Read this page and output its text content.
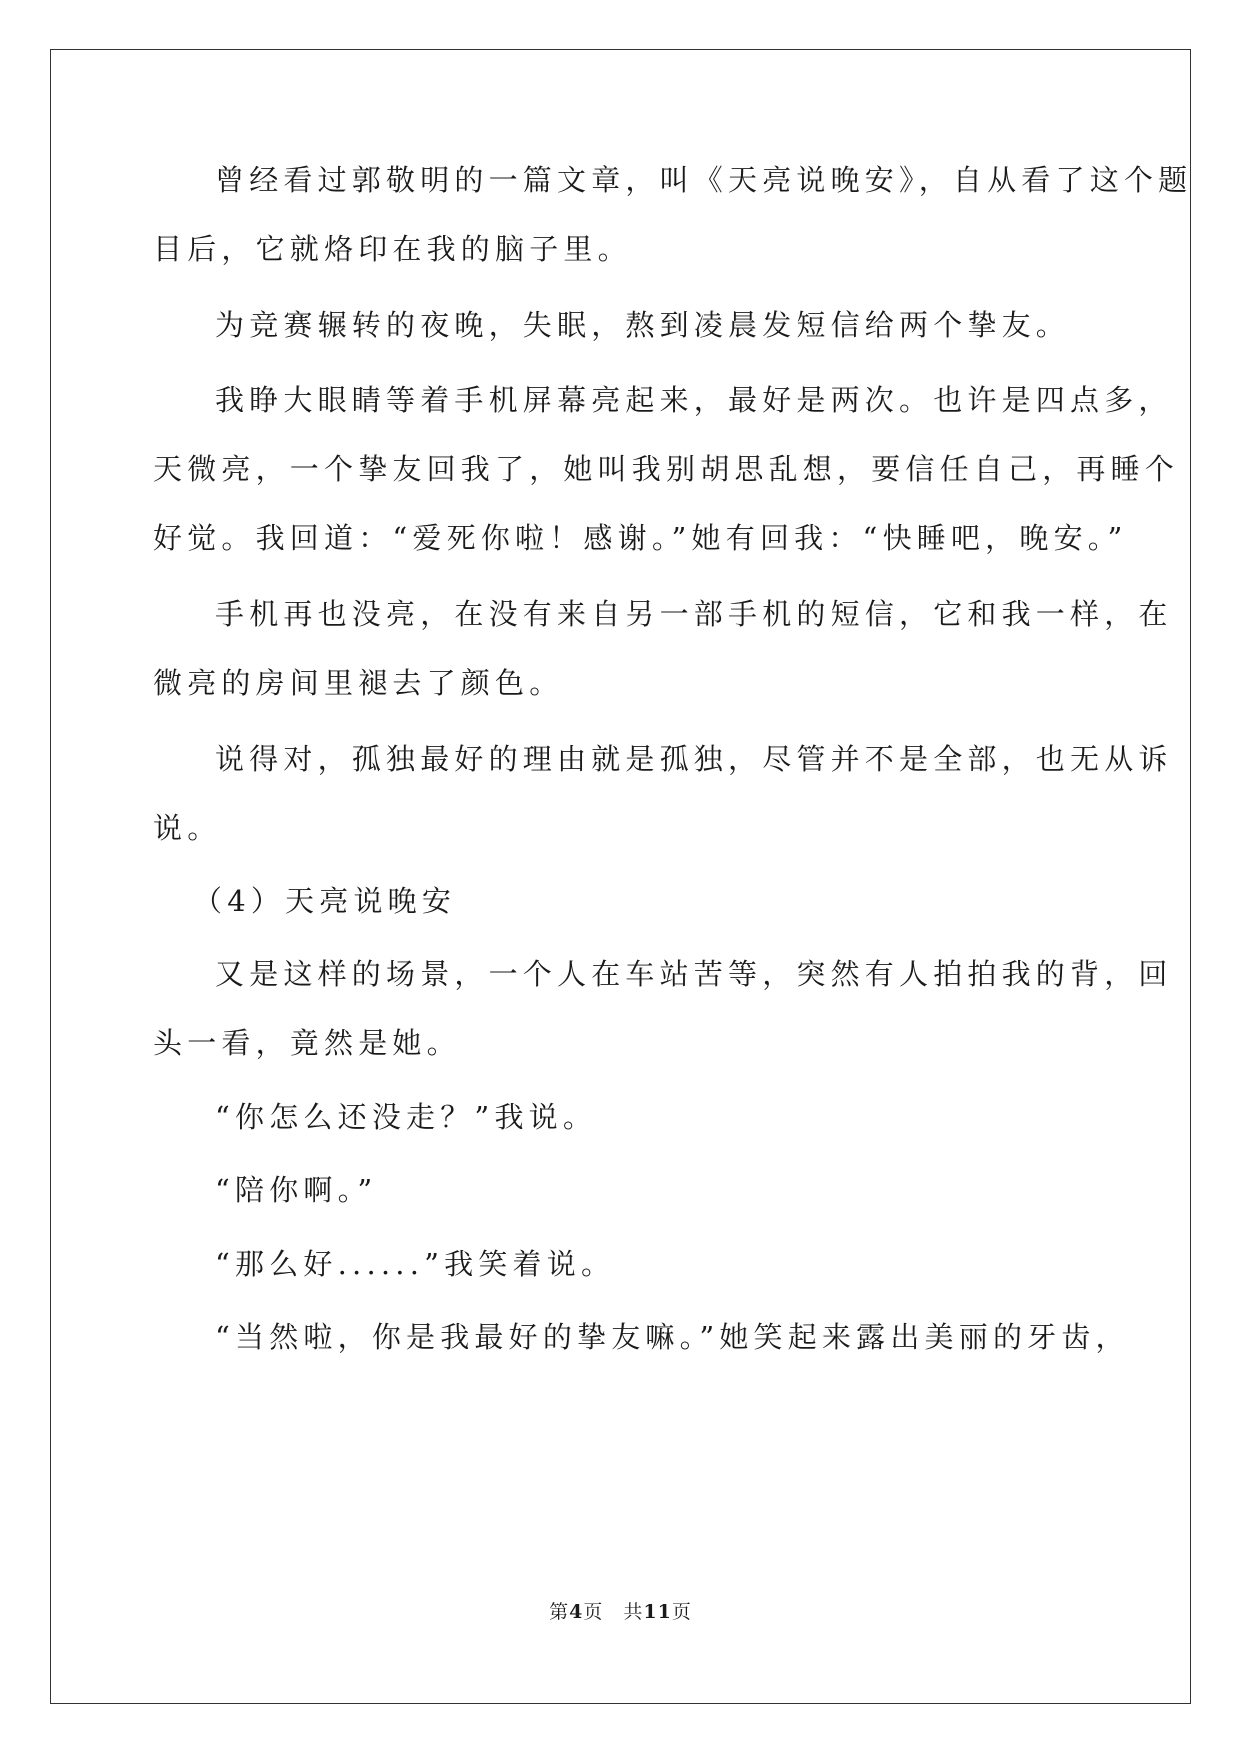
曾经看过郭敬明的一篇文章，叫《天亮说晚安》，自从看了这个题
目后，它就烙印在我的脑子里。
为竞赛辗转的夜晚，失眠，熬到凌晨发短信给两个挚友。
我睁大眼睛等着手机屏幕亮起来，最好是两次。也许是四点多，
天微亮，一个挚友回我了，她叫我别胡思乱想，要信任自己，再睡个
好觉。我回道：“爱死你啦！感谢。”她有回我：“快睡吧，晚安。”
手机再也没亮，在没有来自另一部手机的短信，它和我一样，在
微亮的房间里褪去了颜色。
说得对，孤独最好的理由就是孤独，尽管并不是全部，也无从诉
说。
（4）天亮说晚安
又是这样的场景，一个人在车站苦等，突然有人拍拍我的背，回
头一看，竟然是她。
“你怎么还没走？”我说。
“陪你啊。”
“那么好......”我笑着说。
“当然啦，你是我最好的挚友嘛。”她笑起来露出美丽的牙齿，
第4页 共11页
